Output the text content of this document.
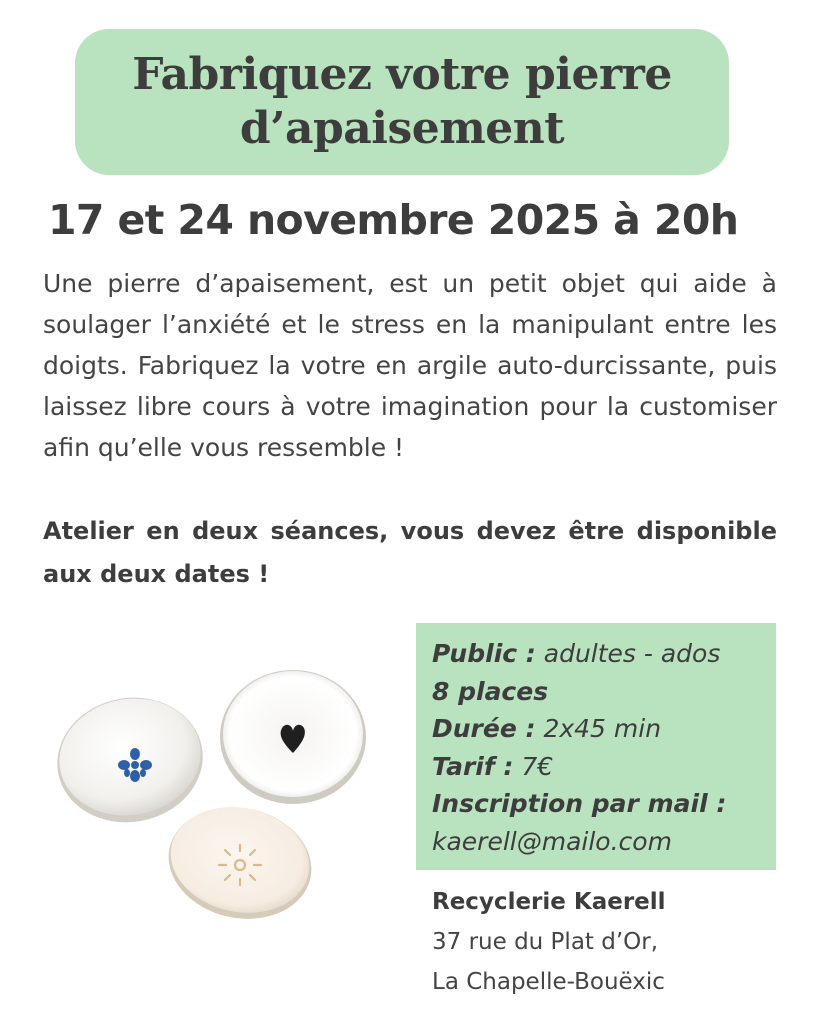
Fabriquez votre pierre
d’apaisement
17 et 24 novembre 2025 à 20h
Une pierre d’apaisement, est un petit objet qui aide à soulager l’anxiété et le stress en la manipulant entre les doigts. Fabriquez la votre en argile auto-durcissante, puis laissez libre cours à votre imagination pour la customiser afin qu’elle vous ressemble !
Atelier en deux séances, vous devez être disponible aux deux dates !
Public : adultes - ados
8 places
Durée : 2x45 min
Tarif : 7€
Inscription par mail :
kaerell@mailo.com
Recyclerie Kaerell
37 rue du Plat d’Or,
La Chapelle-Bouëxic
